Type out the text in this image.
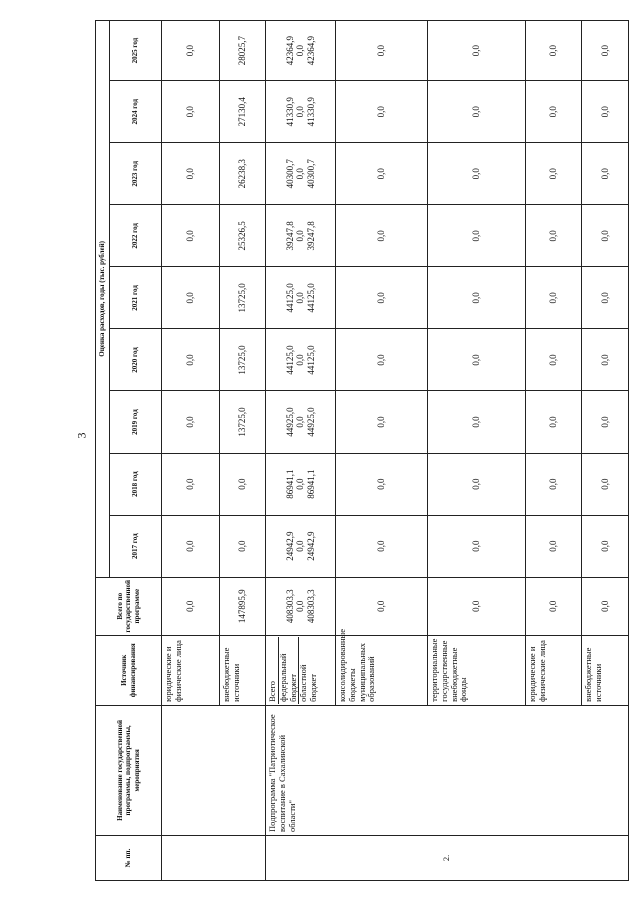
3
№ пп.	Наименование государственной программы, подпрограммы, мероприятия	Источник финансирования	Всего по государственной программе	Оценка расходов, годы (тыс. рублей)								
				2017 год	2018 год	2019 год	2020 год	2021 год	2022 год	2023 год	2024 год	2025 год
		юридические и физические лица	0,0	0,0	0,0	0,0	0,0	0,0	0,0	0,0	0,0	0,0
		внебюджетные источники	147895,9	0,0	0,0	13725,0	13725,0	13725,0	25326,5	26238,3	27130,4	28025,7
2.	Подпрограмма "Патриотическое воспитание в Сахалинской области"	Всего федеральный бюджет областной бюджет	408303,3 0,0 408303,3	24942,9 0,0 24942,9	86941,1 0,0 86941,1	44925,0 0,0 44925,0	44125,0 0,0 44125,0	44125,0 0,0 44125,0	39247,8 0,0 39247,8	40300,7 0,0 40300,7	41330,9 0,0 41330,9	42364,9 0,0 42364,9

		консолидированные бюджеты муниципальных образований	0,0	0,0	0,0	0,0	0,0	0,0	0,0	0,0	0,0	0,0
		территориальные государственные внебюджетные фонды	0,0	0,0	0,0	0,0	0,0	0,0	0,0	0,0	0,0	0,0
		юридические и физические лица	0,0	0,0	0,0	0,0	0,0	0,0	0,0	0,0	0,0	0,0
		внебюджетные источники	0,0	0,0	0,0	0,0	0,0	0,0	0,0	0,0	0,0	0,0
